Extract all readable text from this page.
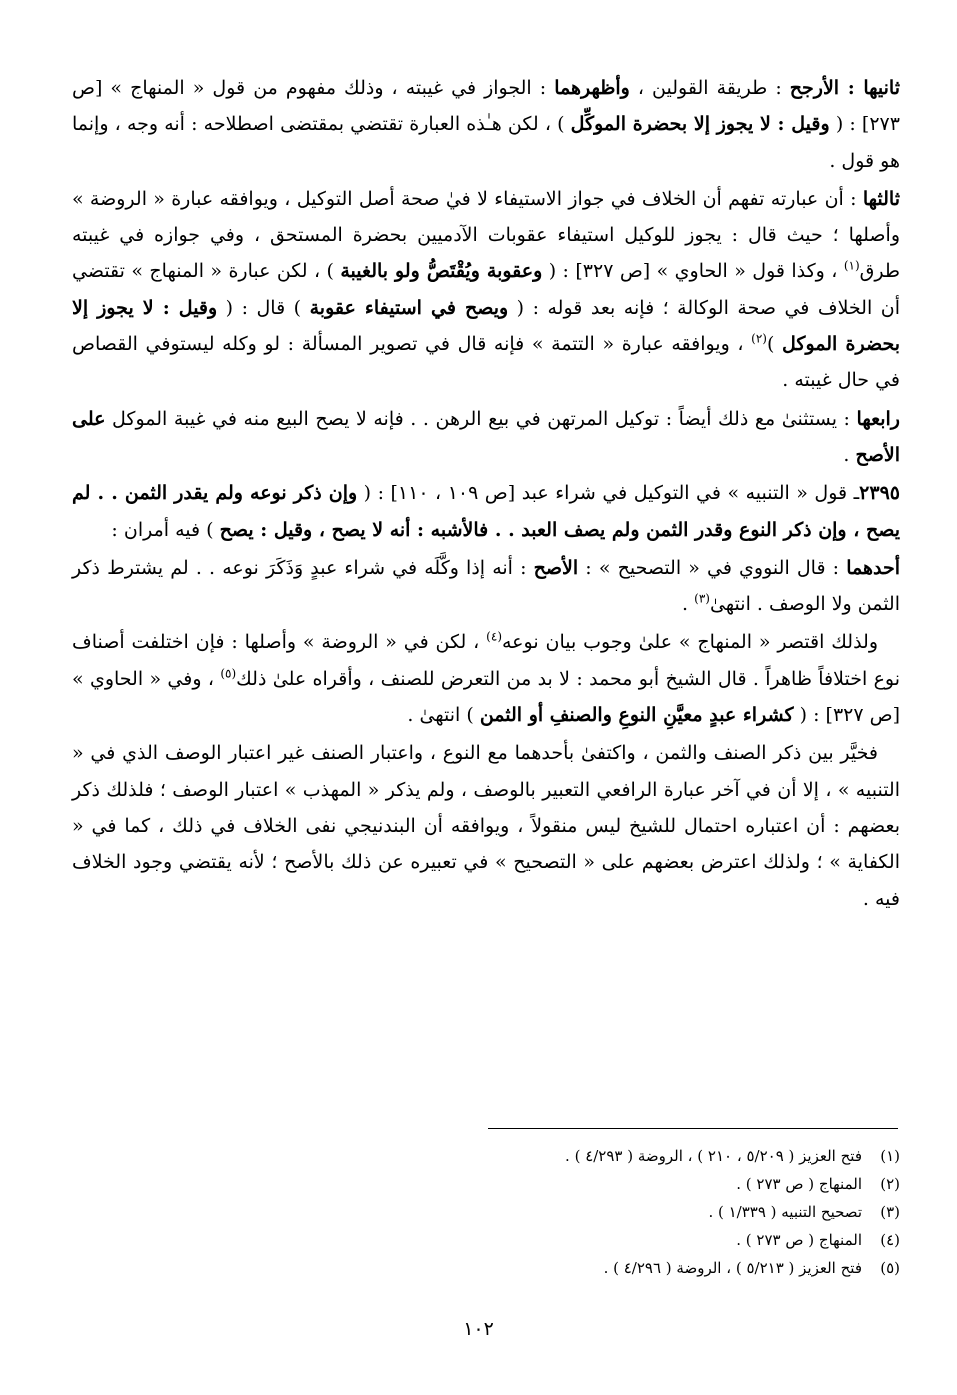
ثانيها : الأرجح : طريقة القولين ، وأظهرهما : الجواز في غيبته ، وذلك مفهوم من قول « المنهاج » [ص ٢٧٣] : ( وقيل : لا يجوز إلا بحضرة الموكِّل ) ، لكن هـٰذه العبارة تقتضي بمقتضى اصطلاحه : أنه وجه ، وإنما هو قول .

ثالثها : أن عبارته تفهم أن الخلاف في جواز الاستيفاء لا فيٰ صحة أصل التوكيل ، ويوافقه عبارة « الروضة » وأصلها ؛ حيث قال : يجوز للوكيل استيفاء عقوبات الآدميين بحضرة المستحق ، وفي جوازه في غيبته طرق$^{(١)}$ ، وكذا قول « الحاوي » [ص ٣٢٧] : ( وعقوبة ويُقْتَصُّ ولو بالغيبة ) ، لكن عبارة « المنهاج » تقتضي أن الخلاف في صحة الوكالة ؛ فإنه بعد قوله : ( ويصح في استيفاء عقوبة ) قال : ( وقيل : لا يجوز إلا بحضرة الموكل )$^{(٢)}$ ، ويوافقه عبارة « التتمة » فإنه قال في تصوير المسألة : لو وكله ليستوفي القصاص في حال غيبته .

رابعها : يستثنىٰ مع ذلك أيضاً : توكيل المرتهن في بيع الرهن . . فإنه لا يصح البيع منه في غيبة الموكل على الأصح .

٢٣٩٥ـ قول « التنبيه » في التوكيل في شراء عبد [ص ١٠٩ ، ١١٠] : ( وإن ذكر نوعه ولم يقدر الثمن . . لم يصح ، وإن ذكر النوع وقدر الثمن ولم يصف العبد . . فالأشبه : أنه لا يصح ، وقيل : يصح ) فيه أمران :

أحدهما : قال النووي في « التصحيح » : الأصح : أنه إذا وكَّلَه في شراء عبدٍ وَذَكَرَ نوعه . . لم يشترط ذكر الثمن ولا الوصف . انتهىٰ$^{(٣)}$ .

ولذلك اقتصر « المنهاج » علىٰ وجوب بيان نوعه$^{(٤)}$ ، لكن في « الروضة » وأصلها : فإن اختلفت أصناف نوع اختلافاً ظاهراً . قال الشيخ أبو محمد : لا بد من التعرض للصنف ، وأقراه علىٰ ذلك$^{(٥)}$ ، وفي « الحاوي » [ص ٣٢٧] : ( كشراء عبدٍ معيَّنِ النوعِ والصنفِ أو الثمن ) انتهىٰ .

فخيَّر بين ذكر الصنف والثمن ، واكتفىٰ بأحدهما مع النوع ، واعتبار الصنف غير اعتبار الوصف الذي في « التنبيه » ، إلا أن في آخر عبارة الرافعي التعبير بالوصف ، ولم يذكر « المهذب » اعتبار الوصف ؛ فلذلك ذكر بعضهم : أن اعتباره احتمال للشيخ ليس منقولاً ، ويوافقه أن البندنيجي نفى الخلاف في ذلك ، كما في « الكفاية » ؛ ولذلك اعترض بعضهم على « التصحيح » في تعبيره عن ذلك بالأصح ؛ لأنه يقتضي وجود الخلاف فيه .

(١)
فتح العزيز ( ٥/٢٠٩ ، ٢١٠ ) ، الروضة ( ٤/٢٩٣ ) .
(٢)
المنهاج ( ص ٢٧٣ ) .
(٣)
تصحيح التنبيه ( ١/٣٣٩ ) .
(٤)
المنهاج ( ص ٢٧٣ ) .
(٥)
فتح العزيز ( ٥/٢١٣ ) ، الروضة ( ٤/٢٩٦ ) .
١٠٢
